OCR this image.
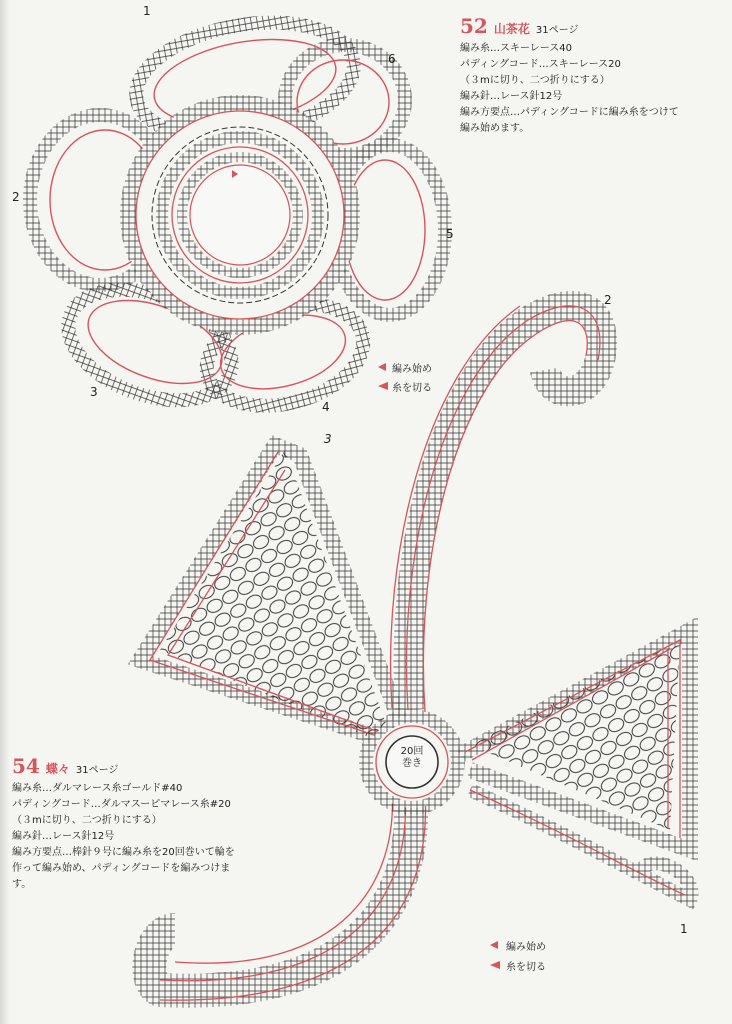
20回
巻き
1
2
3
4
5
6
1
2
3
52 山茶花 31ページ
編み糸…スキーレース40
パディングコード…スキーレース20
（３mに切り、二つ折りにする）
編み針…レース針12号
編み方要点…パディングコードに編み糸をつけて
編み始めます。
編み始め
糸を切る
54 蝶々 31ページ
編み糸…ダルマレース糸ゴールド#40
パディングコード…ダルマスーピマレース糸#20
（３mに切り、二つ折りにする）
編み針…レース針12号
編み方要点…棒針９号に編み糸を20回巻いて輪を
作って編み始め、パディングコードを編みつけま
す。
編み始め
糸を切る
